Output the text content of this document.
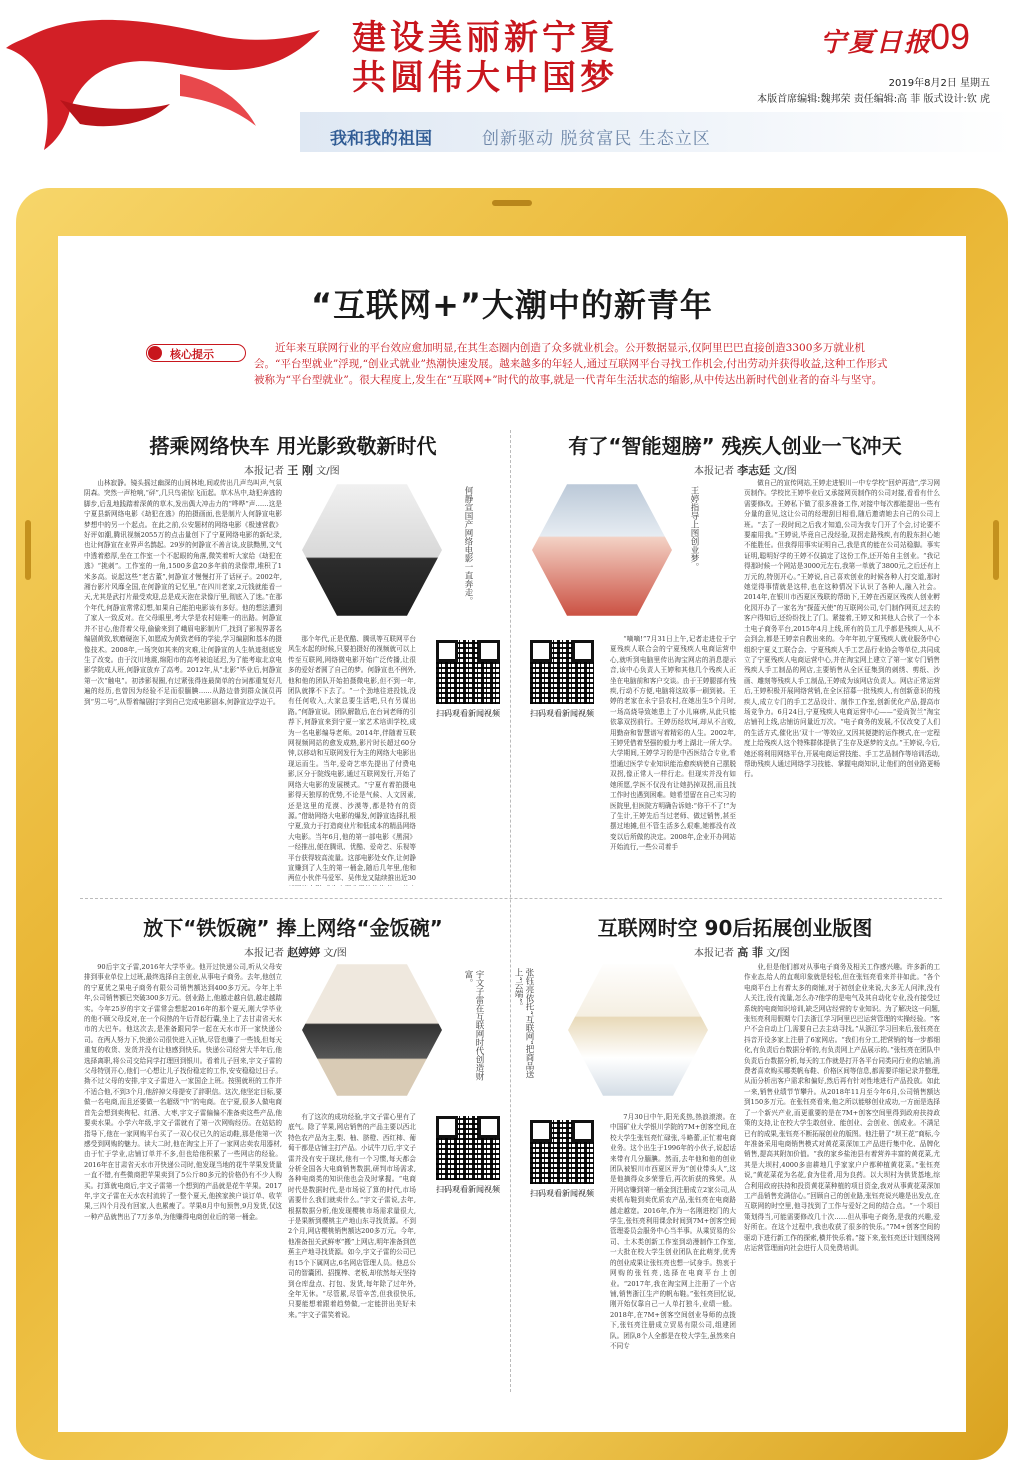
建设美丽新宁夏
共圆伟大中国梦
宁夏日报
09
2019年8月2日 星期五
本版首席编辑:魏邦荣 责任编辑:高 菲 版式设计:钦 虎
我和我的祖国	创新驱动 脱贫富民 生态立区
“互联网+”大潮中的新青年
核心提示	近年来互联网行业的平台效应愈加明显,在其生态圈内创造了众多就业机会。公开数据显示,仅阿里巴巴直接创造3300多万就业机会。“平台型就业”浮现,“创业式就业”热潮快速发展。越来越多的年轻人,通过互联网平台寻找工作机会,付出劳动并获得收益,这种工作形式被称为“平台型就业”。很大程度上,发生在“互联网+”时代的故事,就是一代青年生活状态的缩影,从中传达出新时代创业者的奋斗与坚守。
搭乘网络快车 用光影致敬新时代
本报记者 王 刚 文/图

山林寂静。镜头摇过幽深的山间林地,间或传出几声鸟叫声,气氛阴森。突然一声枪响,“砰”,几只鸟雀惊飞而起。草木丛中,劫犯奔逃的脚步,后乱地践踏着深黄的草木,发出偶大冲击力的“哗哗”声……这是宁夏县新网络电影《劫犯在逃》的拍摄画面,也是制片人何静宣电影梦想中的另一个起点。在此之前,公安题材的网络电影《极速营救》好评如潮,腾讯视频2055万的点击量创下了宁夏网络电影的新纪录,也让何静宣在业界声名鹊起。29岁的何静宣不善言谈,皮肤黝黑,文气中透着憨厚,坐在工作室一个不起眼的角落,微笑着听大家给《劫犯在逃》“挑刺”。工作室的一角,1500多盒20多年前的录像带,堆积了1米多高。说起这些“老古董”,何静宣才慢慢打开了话匣子。2002年,湘台影片风靡全国,在何静宣的记忆里,“在四川老家,2元钱就能看一天,尤其是武打片最受欢迎,总是成天泡在录像厅里,彻底入了迷。”在那个年代,何静宣常常幻想,如果自己能拍电影该有多好。他的想法遭到了家人一致反对。在父母眼里,考大学是农村娃唯一的出路。何静宣并不甘心,他背着父母,偷偷来到了峨眉电影制片厂,找到了影视界著名编剧黄致,软磨硬泡下,如愿成为黄致老师的学徒,学习编剧和基本的摄像技术。2008年,一场突如其来的灾难,让何静宣的人生轨迹彻底发生了改变。由于汶川地震,绵阳市的高考被迫延迟,为了能考取北京电影学院成人班,何静宣放弃了高考。2012年,从“北影”毕业后,何静宣第一次“触电”。初涉影视圈,有过紧张得连最简单的台词都重复好几遍的经历,也曾因为经验不足而很腼腆……从路边普到群众演员再到“男二号”,从帮着编剧打字到自己完成电影剧本,何静宣边学边干。

何静宣国产网络电影一直奔走。

那个年代,正是优酷、腾讯等互联网平台风生水起的时候,只要拍摄好的视频就可以上传至互联网,网络微电影开始广泛传播,让很多的爱好者圆了自己的梦。何静宣也不例外,他和他的团队开始拍摄微电影,但不到一年,团队就撑不下去了。“一个劲地往进投钱,没有任何收入,大家总要生活吧,只有另谋出路。”何静宣说。团队解散后,在台词老师的引荐下,何静宣来到宁夏一家艺术培训学校,成为一名电影编导老师。2014年,伴随着互联网视频网站的愈发成熟,影片时长超过60分钟,以移动和互联网发行为主的网络大电影出现运而生。当年,爱奇艺率先提出了付费电影,区分于院线电影,通过互联网发行,开始了网络大电影的发展模式。“宁夏有着拍摄电影得天独厚的优势,不论是气候、人文因素,还是这里的荒漠、沙漠等,都是特有的资源。”借助网络大电影的爆发,何静宣选择扎根宁夏,致力于打造商业片和低成本的精品网络大电影。当年6月,他的第一部电影《黑洞》一经推出,便在腾讯、优酷、爱奇艺、乐视等平台获得较高流量。这部电影处女作,让何静宣赚到了人生的第一桶金,随后几年里,他和两位小伙伴马爱军、吴伟龙又陆续推出近30

扫码观看新闻视频
有了“智能翅膀” 残疾人创业一飞冲天
本报记者 李志廷 文/图
王婷指导上图创业梦。
扫码观看新闻视频

“嘀嘀!”7月31日上午,记者走进位于宁夏残疾人联合会的宁夏残疾人电商运营中心,就听到电脑里传出淘宝网店的消息提示音,该中心负责人王婷和其他几个残疾人正坐在电脑前和客户交谈。由于王婷腿部有残疾,行动不方便,电脑将这故事一刷到被。王婷的老家在永宁县农村,在她出生5个月时,一场高烧导致她患上了小儿麻痹,从此只能依靠双拐前行。王婷历经坎坷,却从不言败,用勤奋和智慧谱写着精彩的人生。2002年,王婷凭借着坚强的毅力考上湖北一所大学。大学期间,王婷学习的是中西医结合专业,希望通过医学专业知识能治愈疾病使自己摆脱双拐,像正常人一样行走。但现实并没有如她所愿,学医不仅没有让她扔掉双拐,而且找工作时也遇到困难。她希望留在自己实习的医院里,但医院方明确告诉她:“你干不了!”为了生计,王婷先后当过老师、做过销售,甚至摆过地摊,但不管生活多么艰难,她都没有改变以后所做的决定。2008年,企业开办网站开始流行,一些公司着手

做自己的宣传网站,王婷走进银川一中专学校“回炉再造”,学习网页制作。学校比王婷毕业后又承接网页制作的公司对接,看看有什么需要修改。王婷私下做了很多准备工作,对接中每次都能提出一些有分量的意见,这让公司的经理刮目相看,随后邀请她去自己的公司上班。“去了一段时间之后我才知道,公司为我专门开了个会,讨论要不要雇用我。”王婷说,毕竟自己没经验,双拐走路残疾,有的股东担心她不能胜任。但我得用事实证明自己,我是真的能在公司站稳脚。事实证明,聪明好学的王婷不仅搞定了这份工作,还开始自主创业。“我记得那时候一个网站是3000元左右,我第一单就了3800元,之后还有上万元的,特别开心。”王婷说,自己喜欢创业的时候各种人打交道,那时她觉得事情就是这样,也在这种情况下认识了各种人,融入社会。2014年,在银川市西夏区残联的帮助下,王婷在西夏区残疾人创业孵化园开办了一家名为“探蓝天使”的互联网公司,专门制作网页,过去的客户得知后,还纷纷找上了门。紧接着,王婷又和其他人合伙了一个本土电子商务平台,2015年4月上线,所有的员工几乎都是残疾人,从不会到会,都是王婷亲自教出来的。今年年初,宁夏残疾人就业服务中心组织宁夏义工联合会、宁夏残疾人手工艺品行业协会等单位,共同成立了宁夏残疾人电商运营中心,并在淘宝网上建立了第一家专门销售残疾人手工制品的网店,主要销售从全区征集到的刺绣、剪纸、沙画、雕刻等残疾人手工制品,王婷成为该网店负责人。网店正常运营后,王婷积极开展网络营销,在全区招募一批残疾人,有创新意识的残疾人,成立专门的手工艺品设计、制作工作室,创新优化产品,提高市场竞争力。6月24日,宁夏残疾人电商运营中心——“爱尚贺兰”淘宝店铺刊上线,店铺访问量近万次。“电子商务的发展,不仅改变了人们的生活方式,催化出‘双十一’等效应,又因其便捷的运作模式,在一定程度上给残疾人这个特殊群体提供了生存及逐梦的支点。”王婷说,今后,她还将利用网络平台,开展电商运营技能、手工艺品制作等培训活动,帮助残疾人通过网络学习技能、掌握电商知识,让他们的创业路更畅行。

放下“铁饭碗” 捧上网络“金饭碗”
本报记者 赵婷婷 文/图

90后宇文子雷,2016年大学毕业。他开过快递公司,听从父母安排到事业单位上过班,最终选择自主创业,从事电子商务。去年,他创立的宁夏优之果电子商务有限公司销售额达到400多万元。今年上半年,公司销售额已突破300多万元。创业路上,他越走越自信,越走越踏实。今年25岁的宇文子雷常会想起2016年的那个夏天,刚大学毕业的他不顾父母反对,在一个闷热的午后背起行囊,坐上了去甘肃省天水市的大巴车。他这次去,是准备跟同学一起在天水市开一家快递公司。在两人努力下,快递公司很快进入正轨,尽管也赚了一些钱,但每天重复的收货、发货并没有让他感到快乐。快递公司经营大半年后,他选择离职,将公司交给同学打理回到银川。看着儿子回来,宇文子雷的父母特别开心,他们一心想让儿子找份稳定的工作,安安稳稳过日子。拗不过父母的安排,宇文子雷进入一家国企上班。按照就班的工作并不适合他,不到3个月,他辞掉父母提安了辞职信。这次,他坚定目标,要做一名电商,而且还要做一名超级“中”的电商。在宁夏,很多人做电商首先会想到卖枸杞、红酒、大枣,宇文子雷偏偏不准备卖这些产品,他要卖水果。小学六年级,宇文子雷就有了第一次网购经历。在姑姑的指导下,他在一家网购平台买了一双心仪已久的运动鞋,那是他第一次感受到网购的魅力。读大二时,他在淘宝上开了一家网店卖农用器材,由于忙于学业,店铺订单并不多,但也给他积累了一些网店的经验。2016年在甘肃省天水市开快递公司时,他发现当地的花牛苹果发货量一直不错,有些微商把苹果卖到了5公斤80多元的价格仍有不少人购买。打算就电商后,宇文子雷第一个想到的产品就是花牛苹果。2017年,宇文子雷在天水农村流转了一整个夏天,他挨家挨户谈订单、收苹果,三四个月没有回家,人也累瘦了。苹果8月中旬预售,9月发货,仅这一种产品就售出了7万多单,为他赚得电商创业后的第一桶金。

宇文子雷在互联网时代创造财富。

有了这次的成功经验,宇文子雷心里有了底气。除了苹果,网店销售的产品主要以西北特色农产品为主,梨、柚、脐橙、西红柿、葡萄干都是店铺主打产品。小试牛刀后,宇文子雷并没有安于现状,他有一个习惯,每天都会分析全国各大电商销售数据,研判市场需求,各种电商类的知识他也会及时掌握。“电商时代是数据时代,是市场说了算的时代,市场需要什么我们就卖什么。”宇文子雷说,去年,根据数据分析,他发现樱桃市场需求量很大,于是果断到樱桃主产地山东寻找货源。不到2个月,网店樱桃销售额达200多万元。今年,他准备扭关武鲜枣“搬”上网店,明年准备到芭蕉主产地寻找货源。如今,宇文子雷的公司已有15个下属网店,6名网店管理人员。他总公司的智囊团、招揽棒、老板,却依然每天坚持到仓库盘点、打包、发货,每年除了过年外,全年无休。“尽管累,尽管辛苦,但我很快乐,只要能想着跟着趋势做,一定能拼出美好未来。”宇文子雷笑着说。

扫码观看新闻视频
互联网时空 90后拓展创业版图
本报记者 高 菲 文/图
张钰亮依托“互联网”把商品送上“云端”。
扫码观看新闻视频

7月30日中午,阳光炙热,热浪滚滚。在中国矿业大学银川学院的7M+创客空间,在校大学生张钰亮忙碌张,斗略蕾,正忙着电商业务。这个出生于1996年的小伙子,说起话来带有几分腼腆。然而,去年他和他的创业团队被银川市西夏区评为“创业带头人”,这是他摘得众多荣誉后,再次斩获的殊荣。从开网店赚到第一桶金到注册成立2家公司,从卖机布鞋到卖优质农产品,张钰亮在电商路越走越宽。2016年,作为一名刚进校门的大学生,张钰亮利用课余时间到7M+创客空间管理委员会服务中心当半事。从乘贸易的公司、土木类创新工作室到动漫制作工作室,一大批在校大学生创业团队在此萌芽,优秀的创业成果让张钰亮也想一试身手。热衷于网购的张钰亮,选择在电商平台上创业。“2017年,我在淘宝网上注册了一个店铺,销售浙江生产的帆布鞋。”张钰亮回忆说,刚开始仅靠自己一人单打独斗,业绩一般。2018年,在7M+创客空间创业导师的点拨下,张钰亮注册成立贸易有限公司,组建团队。团队8个人全都是在校大学生,虽然来自不同专

业,但是他们都对从事电子商务及相关工作感兴趣。许多新的工作业态,给人的直观印象就是轻松,但在张钰亮看来并非如此。“各个电商平台上有着太多的商铺,对于初创企业来说,大多无人问津,没有人关注,没有流量,怎么办?他学的是电气及其自动化专业,没有接受过系统的电商知识培训,缺乏网店经营的专业知识。为了解决这一问题,张钰亮利用假期专门去浙江学习阿里巴巴运营管理的实操经验。“客户不会自动上门,需要自己去主动寻找。”从浙江学习回来后,张钰亮在抖音开设多家上注册了6家网店。“我们有分工,把营销的每一步都细化,有负责后台数据分析的,有负责网上产品展示的。”张钰亮在团队中负责后台数据分析,每天的工作就是打开各平台同类同行业的店铺,消费者喜欢购买哪类帆布鞋、价格区间等信息,都需要详细记录并整理,从而分析出客户需求和偏好,然后再有针对性地进行产品投放。如此一来,销售业绩节节攀升。从2018年11月至今年6月,公司销售额达到150多万元。在张钰亮看来,他之所以能够创业成功,一方面是选择了一个新兴产业,而更重要的是在7M+创客空间里得到政府扶持政策的支持,让在校大学生敢创业、能创业、会创业、创成业。不满足已有的成果,张钰亮不断拓展创业的版图。他注册了“坝王花”商标,今年准备采用电商销售模式对黄花菜深加工产品进行集中化、品牌化销售,提高其附加价值。“我的家乡盐池县有着营养丰富的黄花菜,尤其是大坝村,4000多亩耕地几乎家家户户都种植黄花菜。”张钰亮说,“黄花菜花为名花,食为佳肴,用为良药。以大坝村为供货基地,综合利用政府扶持和投资黄花菜种植的项目资金,我对从事黄花菜深加工产品销售充满信心。”回顾自己的创业路,张钰亮说兴趣是出发点,在互联网的时空里,他寻找到了工作与爱好之间的结合点。“一个项目策划得当,可能需要修改几十次……但从事电子商务,是我的兴趣,爱好所在。在这个过程中,我也收获了很多的快乐。”7M+创客空间的驱动下进行新工作的探索,横并快乐着。”接下来,张钰亮还计划围绕网店运营管理面向社会进行人员免费培训。
